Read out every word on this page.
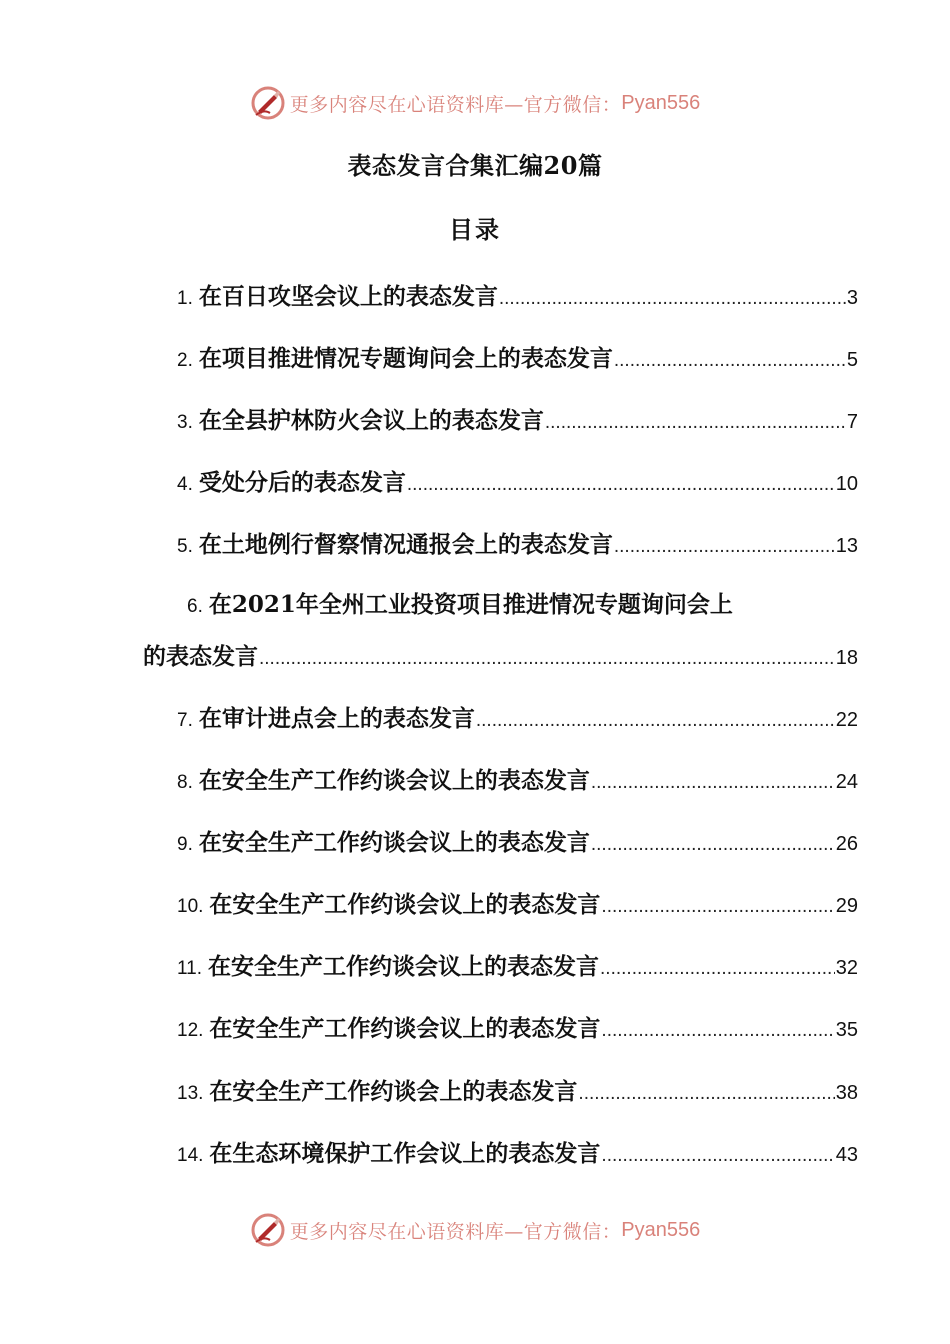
更多内容尽在心语资料库—官方微信： Pyan556
表态发言合集汇编20篇
目录
1. 在百日攻坚会议上的表态发言 .....	3
2. 在项目推进情况专题询问会上的表态发言 .....	5
3. 在全县护林防火会议上的表态发言 .....	7
4. 受处分后的表态发言 .....	10
5. 在土地例行督察情况通报会上的表态发言 .....	13
6. 在2021年全州工业投资项目推进情况专题询问会上
的表态发言 .....	18
7. 在审计进点会上的表态发言 .....	22
8. 在安全生产工作约谈会议上的表态发言 .....	24
9. 在安全生产工作约谈会议上的表态发言 .....	26
10. 在安全生产工作约谈会议上的表态发言 .....	29
11. 在安全生产工作约谈会议上的表态发言 .....	32
12. 在安全生产工作约谈会议上的表态发言 .....	35
13. 在安全生产工作约谈会上的表态发言 .....	38
14. 在生态环境保护工作会议上的表态发言 .....	43
更多内容尽在心语资料库—官方微信： Pyan556
